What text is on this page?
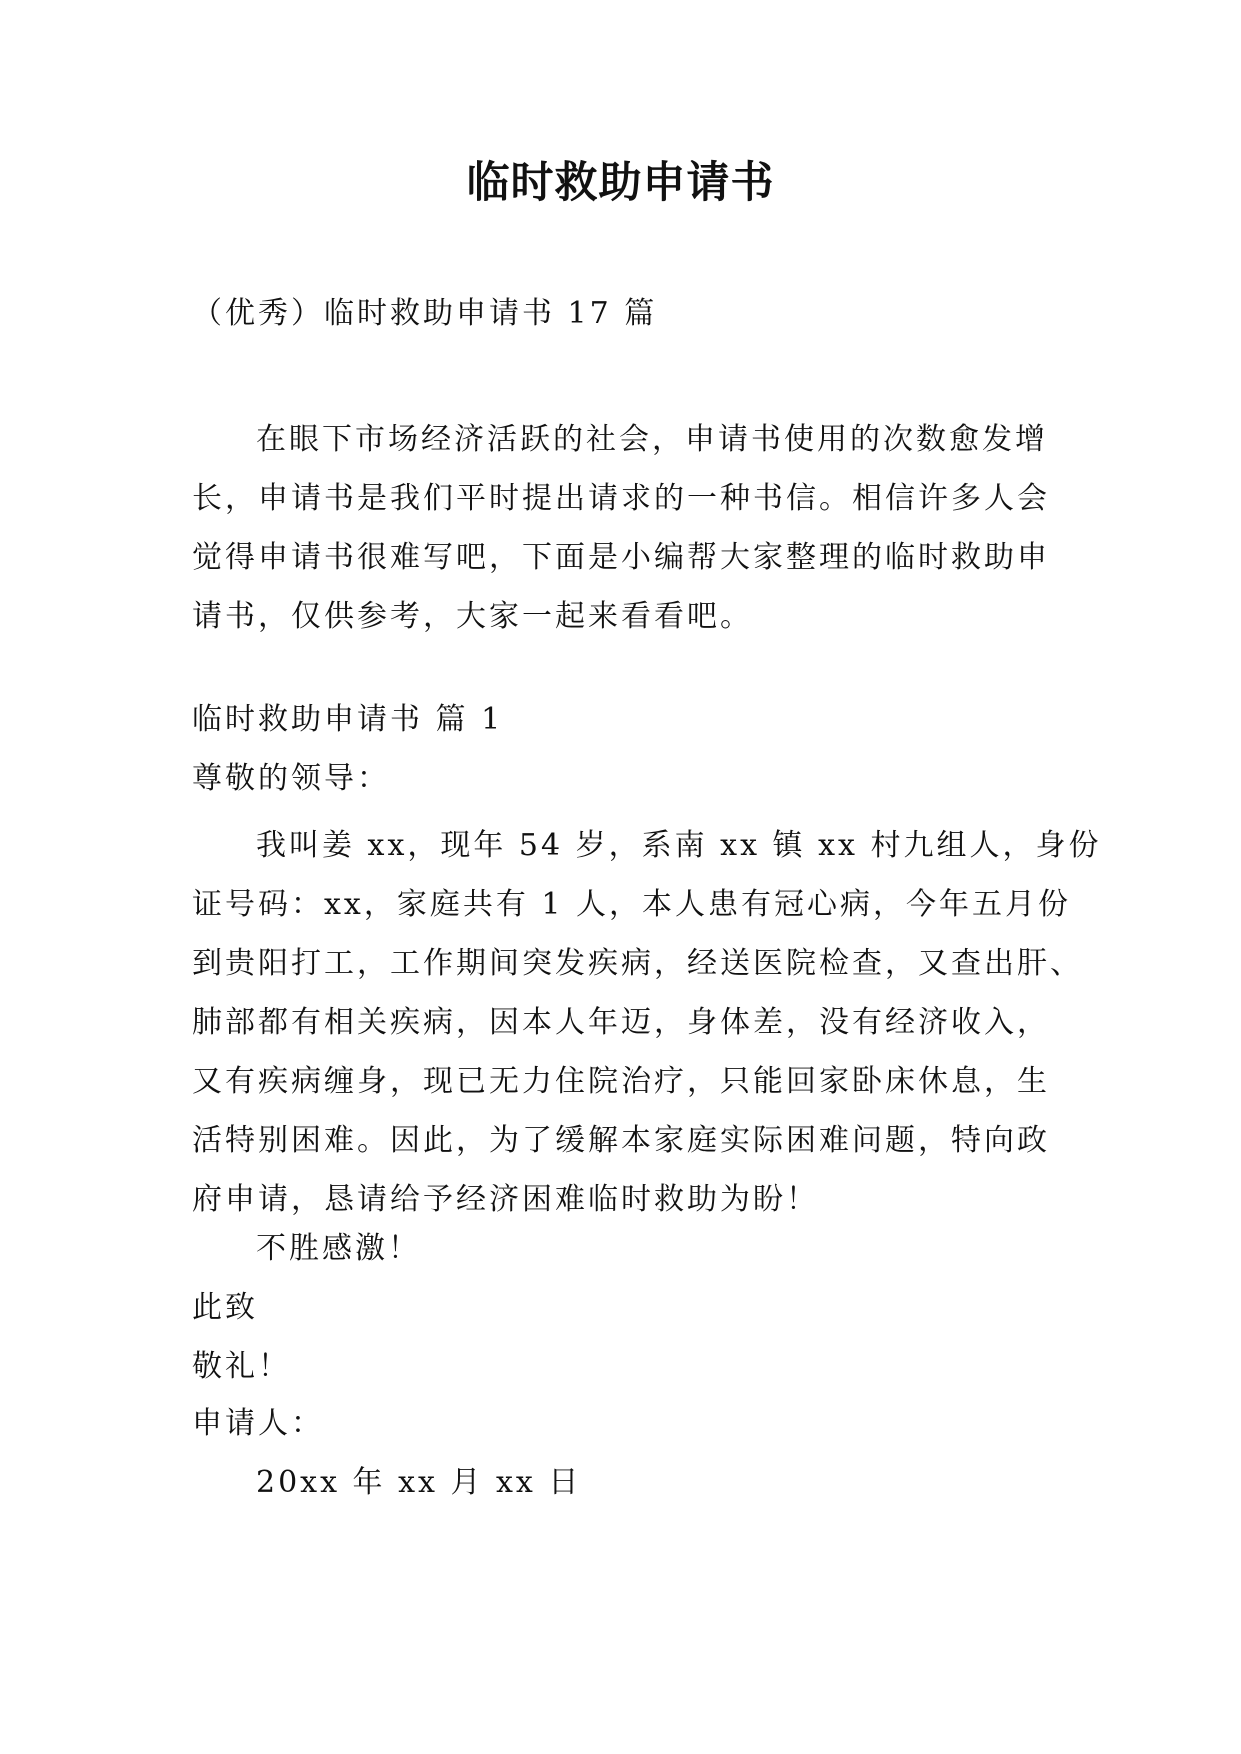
临时救助申请书
（优秀）临时救助申请书 17 篇
在眼下市场经济活跃的社会，申请书使用的次数愈发增
长，申请书是我们平时提出请求的一种书信。相信许多人会
觉得申请书很难写吧，下面是小编帮大家整理的临时救助申
请书，仅供参考，大家一起来看看吧。
临时救助申请书 篇 1
尊敬的领导：
我叫姜 xx，现年 54 岁，系南 xx 镇 xx 村九组人，身份
证号码：xx，家庭共有 1 人，本人患有冠心病，今年五月份
到贵阳打工，工作期间突发疾病，经送医院检查，又查出肝、
肺部都有相关疾病，因本人年迈，身体差，没有经济收入，
又有疾病缠身，现已无力住院治疗，只能回家卧床休息，生
活特别困难。因此，为了缓解本家庭实际困难问题，特向政
府申请，恳请给予经济困难临时救助为盼！
不胜感激！
此致
敬礼！
申请人：
20xx 年 xx 月 xx 日
